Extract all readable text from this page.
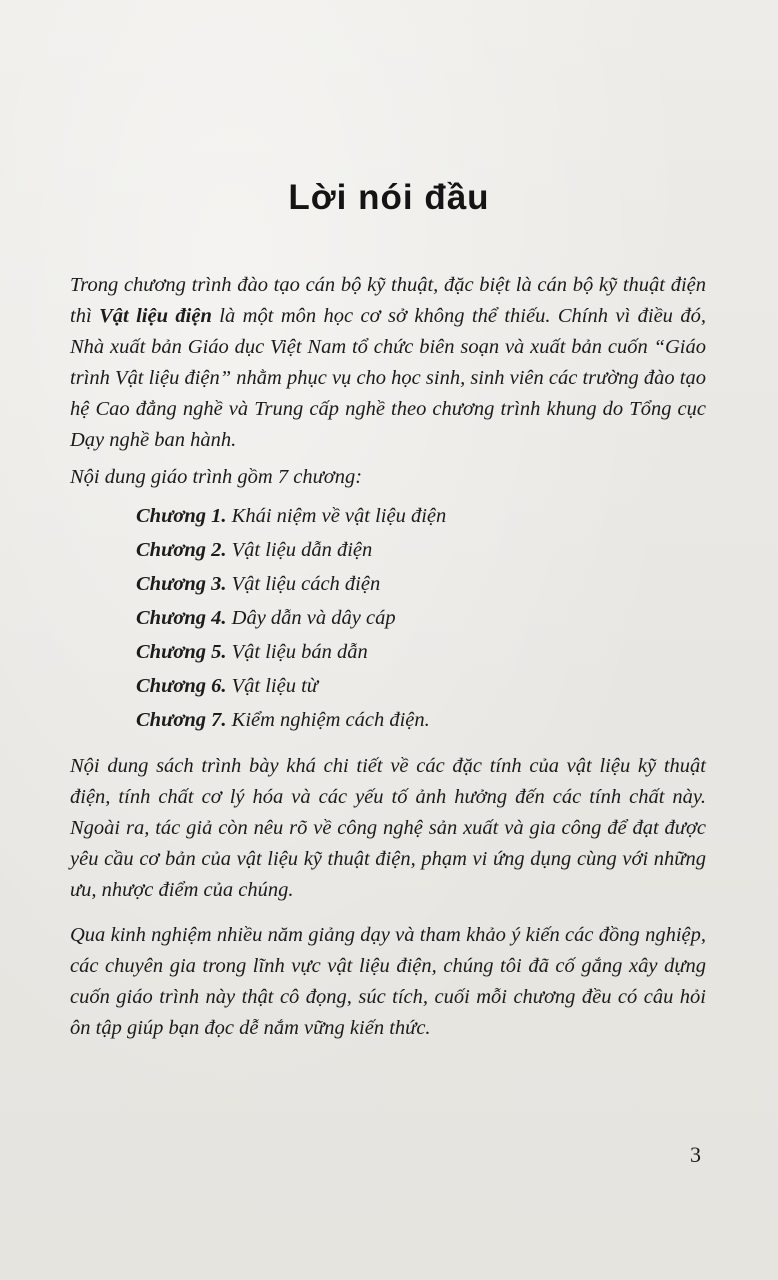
Lời nói đầu

Trong chương trình đào tạo cán bộ kỹ thuật, đặc biệt là cán bộ kỹ thuật điện thì Vật liệu điện là một môn học cơ sở không thể thiếu. Chính vì điều đó, Nhà xuất bản Giáo dục Việt Nam tổ chức biên soạn và xuất bản cuốn “Giáo trình Vật liệu điện” nhằm phục vụ cho học sinh, sinh viên các trường đào tạo hệ Cao đẳng nghề và Trung cấp nghề theo chương trình khung do Tổng cục Dạy nghề ban hành.

Nội dung giáo trình gồm 7 chương:

Chương 1. Khái niệm về vật liệu điện
Chương 2. Vật liệu dẫn điện
Chương 3. Vật liệu cách điện
Chương 4. Dây dẫn và dây cáp
Chương 5. Vật liệu bán dẫn
Chương 6. Vật liệu từ
Chương 7. Kiểm nghiệm cách điện.

Nội dung sách trình bày khá chi tiết về các đặc tính của vật liệu kỹ thuật điện, tính chất cơ lý hóa và các yếu tố ảnh hưởng đến các tính chất này. Ngoài ra, tác giả còn nêu rõ về công nghệ sản xuất và gia công để đạt được yêu cầu cơ bản của vật liệu kỹ thuật điện, phạm vi ứng dụng cùng với những ưu, nhược điểm của chúng.

Qua kinh nghiệm nhiều năm giảng dạy và tham khảo ý kiến các đồng nghiệp, các chuyên gia trong lĩnh vực vật liệu điện, chúng tôi đã cố gắng xây dựng cuốn giáo trình này thật cô đọng, súc tích, cuối mỗi chương đều có câu hỏi ôn tập giúp bạn đọc dễ nắm vững kiến thức.

3
